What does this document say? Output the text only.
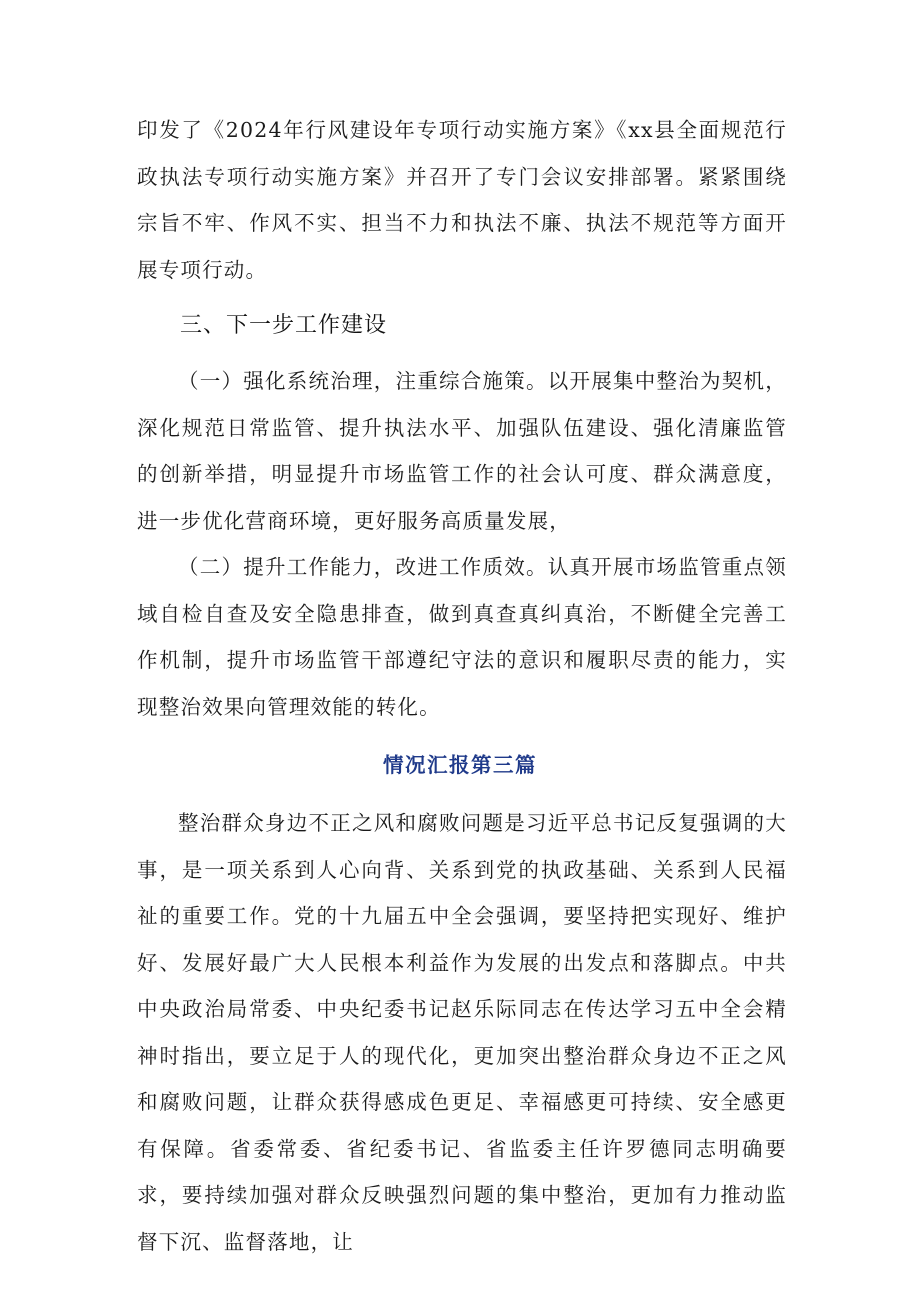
印发了《2024年行风建设年专项行动实施方案》《xx县全面规范行政执法专项行动实施方案》并召开了专门会议安排部署。紧紧围绕宗旨不牢、作风不实、担当不力和执法不廉、执法不规范等方面开展专项行动。

三、下一步工作建设

（一）强化系统治理，注重综合施策。以开展集中整治为契机，深化规范日常监管、提升执法水平、加强队伍建设、强化清廉监管的创新举措，明显提升市场监管工作的社会认可度、群众满意度，进一步优化营商环境，更好服务高质量发展，

（二）提升工作能力，改进工作质效。认真开展市场监管重点领域自检自查及安全隐患排查，做到真查真纠真治，不断健全完善工作机制，提升市场监管干部遵纪守法的意识和履职尽责的能力，实现整治效果向管理效能的转化。

情况汇报第三篇

整治群众身边不正之风和腐败问题是习近平总书记反复强调的大事，是一项关系到人心向背、关系到党的执政基础、关系到人民福祉的重要工作。党的十九届五中全会强调，要坚持把实现好、维护好、发展好最广大人民根本利益作为发展的出发点和落脚点。中共中央政治局常委、中央纪委书记赵乐际同志在传达学习五中全会精神时指出，要立足于人的现代化，更加突出整治群众身边不正之风和腐败问题，让群众获得感成色更足、幸福感更可持续、安全感更有保障。省委常委、省纪委书记、省监委主任许罗德同志明确要求，要持续加强对群众反映强烈问题的集中整治，更加有力推动监督下沉、监督落地，让
